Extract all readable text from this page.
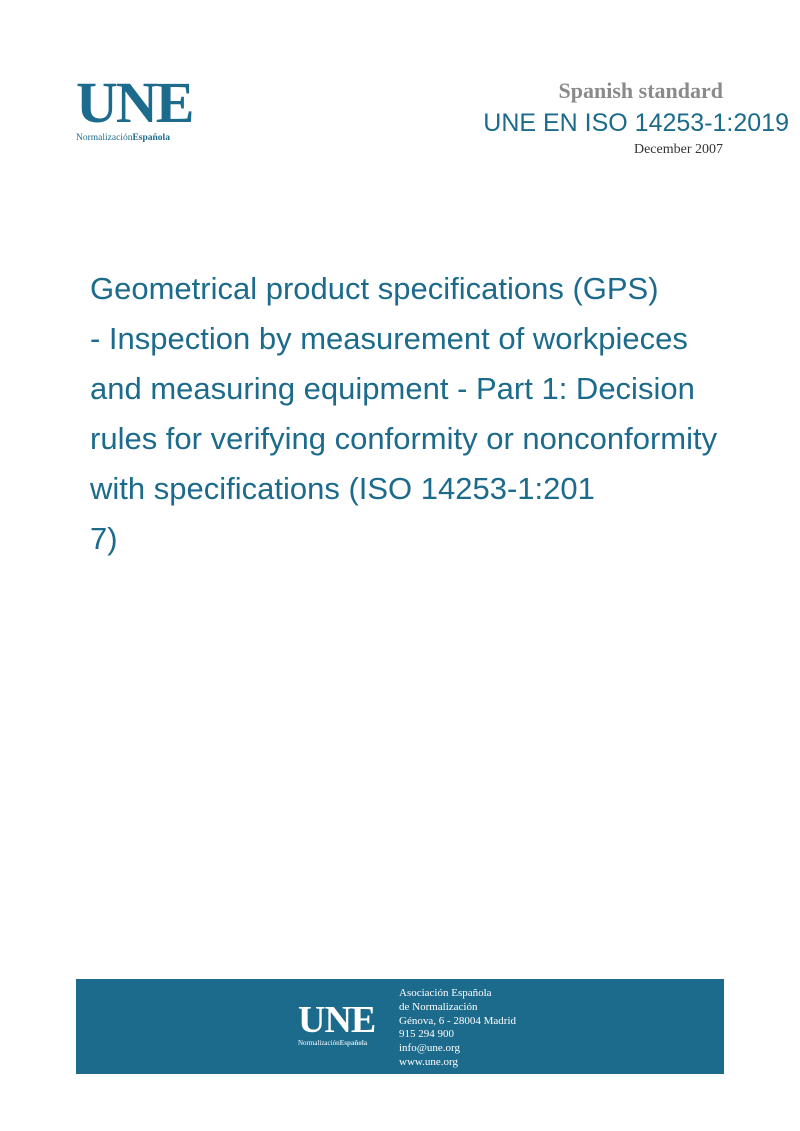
UNE
NormalizaciónEspañola
Spanish standard
UNE EN ISO 14253-1:2019
December 2007
Geometrical product specifications (GPS)
- Inspection by measurement of workpieces
and measuring equipment - Part 1: Decision
rules for verifying conformity or nonconformity
with specifications (ISO 14253-1:201
7)
UNE
NormalizaciónEspañola
Asociación Española
de Normalización
Génova, 6 - 28004 Madrid
915 294 900
info@une.org
www.une.org
